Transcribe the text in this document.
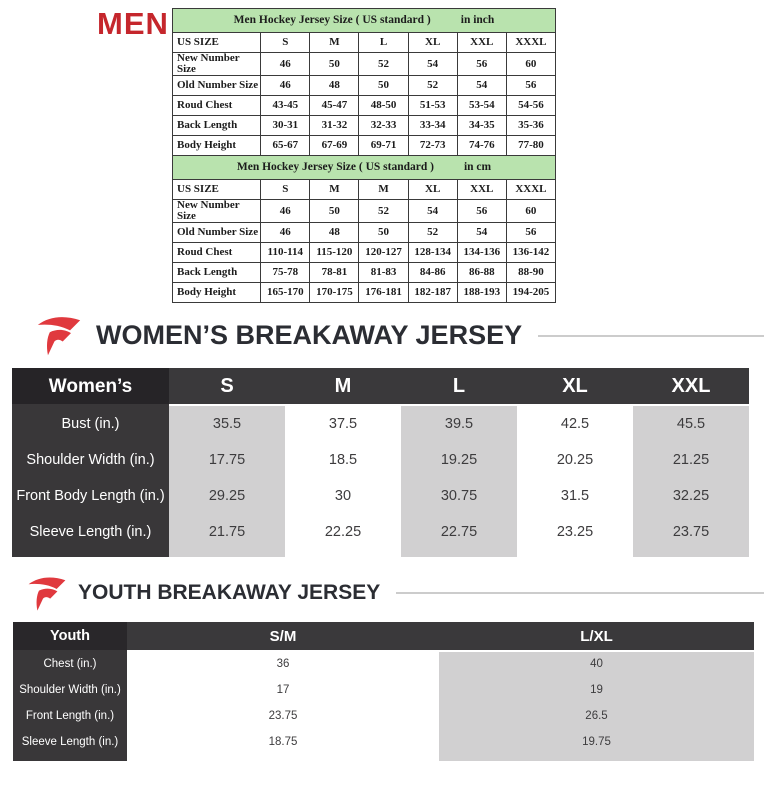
MEN	Men Hockey Jersey Size ( US standard ) in inch						
US SIZE	S	M	L	XL	XXL	XXXL
New Number Size	46	50	52	54	56	60
Old Number Size	46	48	50	52	54	56
Roud Chest	43-45	45-47	48-50	51-53	53-54	54-56
Back Length	30-31	31-32	32-33	33-34	34-35	35-36
Body Height	65-67	67-69	69-71	72-73	74-76	77-80
Men Hockey Jersey Size ( US standard ) in cm						
US SIZE	S	M	M	XL	XXL	XXXL
New Number Size	46	50	52	54	56	60
Old Number Size	46	48	50	52	54	56
Roud Chest	110-114	115-120	120-127	128-134	134-136	136-142
Back Length	75-78	78-81	81-83	84-86	86-88	88-90
Body Height	165-170	170-175	176-181	182-187	188-193	194-205
WOMEN’S BREAKAWAY JERSEY
Women’s	S	M	L	XL	XXL

Bust (in.)	35.5	37.5	39.5	42.5	45.5
Shoulder Width (in.)	17.75	18.5	19.25	20.25	21.25
Front Body Length (in.)	29.25	30	30.75	31.5	32.25
Sleeve Length (in.)	21.75	22.25	22.75	23.25	23.75

YOUTH BREAKAWAY JERSEY
Youth	S/M	L/XL

Chest (in.)	36	40
Shoulder Width (in.)	17	19
Front Length (in.)	23.75	26.5
Sleeve Length (in.)	18.75	19.75
